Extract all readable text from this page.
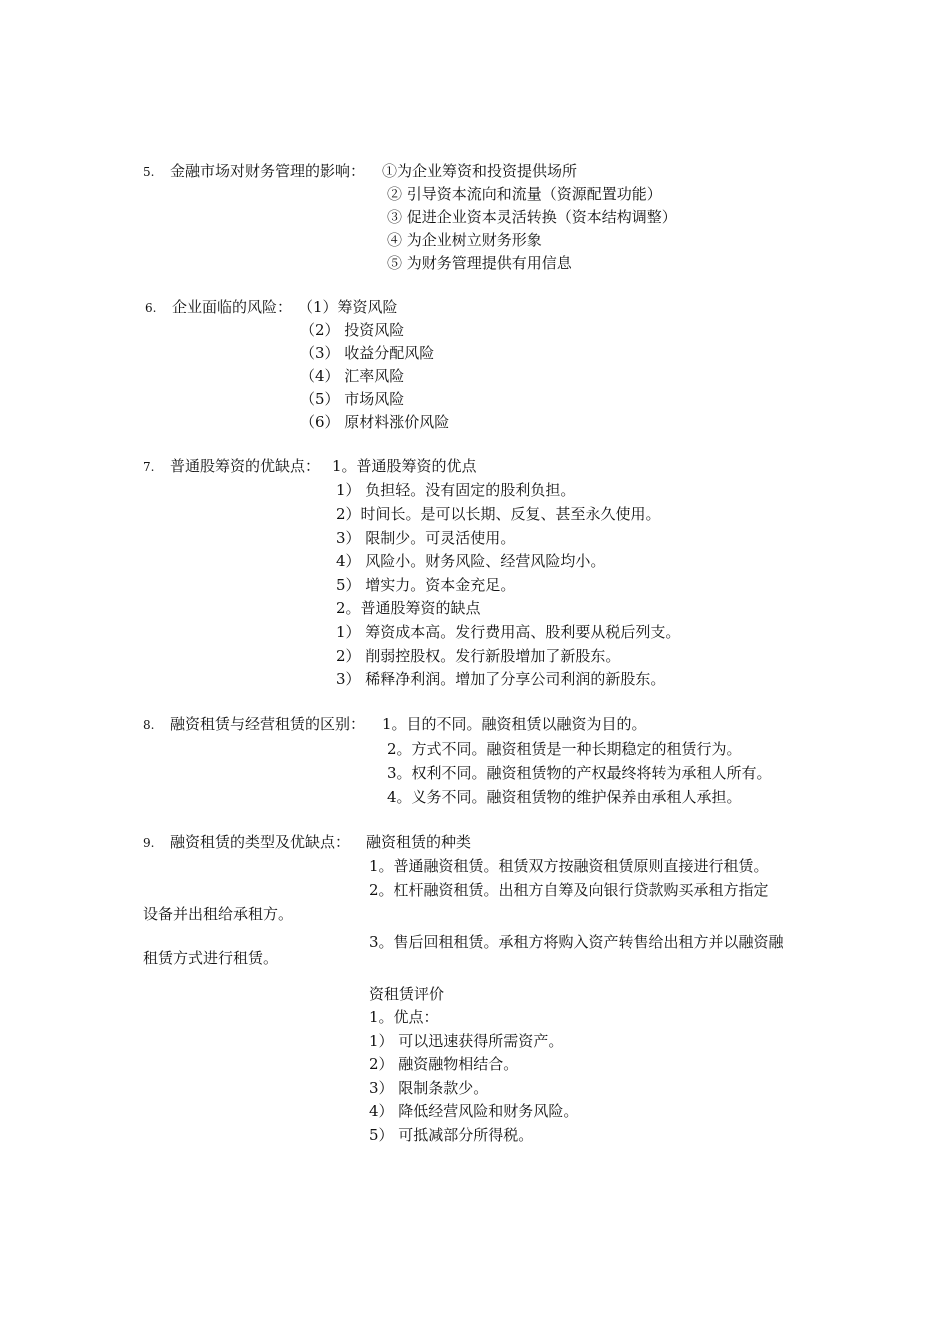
5. 金融市场对财务管理的影响： ①为企业筹资和投资提供场所
② 引导资本流向和流量（资源配置功能）
③ 促进企业资本灵活转换（资本结构调整）
④ 为企业树立财务形象
⑤ 为财务管理提供有用信息
6. 企业面临的风险： （1）筹资风险
（2） 投资风险
（3） 收益分配风险
（4） 汇率风险
（5） 市场风险
（6） 原材料涨价风险
7. 普通股筹资的优缺点： 1。普通股筹资的优点
1） 负担轻。没有固定的股利负担。
2）时间长。是可以长期、反复、甚至永久使用。
3） 限制少。可灵活使用。
4） 风险小。财务风险、经营风险均小。
5） 增实力。资本金充足。
2。普通股筹资的缺点
1） 筹资成本高。发行费用高、股利要从税后列支。
2） 削弱控股权。发行新股增加了新股东。
3） 稀释净利润。增加了分享公司利润的新股东。
8. 融资租赁与经营租赁的区别： 1。目的不同。融资租赁以融资为目的。
2。方式不同。融资租赁是一种长期稳定的租赁行为。
3。权利不同。融资租赁物的产权最终将转为承租人所有。
4。义务不同。融资租赁物的维护保养由承租人承担。
9. 融资租赁的类型及优缺点： 融资租赁的种类
1。普通融资租赁。租赁双方按融资租赁原则直接进行租赁。
2。杠杆融资租赁。出租方自筹及向银行贷款购买承租方指定
设备并出租给承租方。
3。售后回租租赁。承租方将购入资产转售给出租方并以融资融
租赁方式进行租赁。
资租赁评价
1。优点：
1） 可以迅速获得所需资产。
2） 融资融物相结合。
3） 限制条款少。
4） 降低经营风险和财务风险。
5） 可抵减部分所得税。
